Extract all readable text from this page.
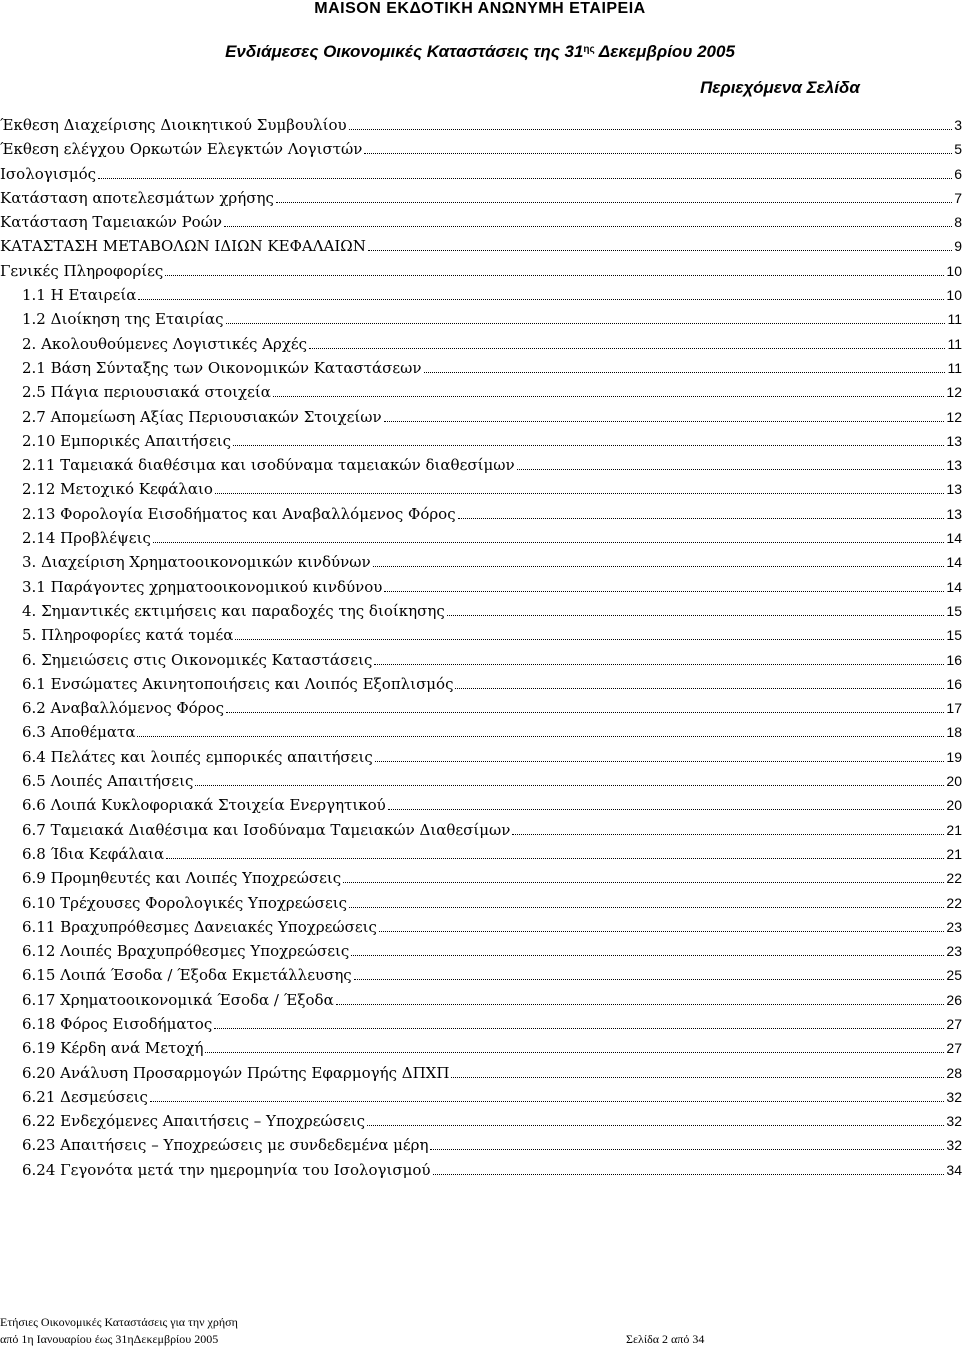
MAISON ΕΚΔΟΤΙΚΗ ΑΝΩΝΥΜΗ ΕΤΑΙΡΕΙΑ
Ενδιάμεσες Οικονομικές Καταστάσεις της $31^{\eta\varsigma}$ Δεκεμβρίου 2005
Περιεχόμενα Σελίδα
Έκθεση Διαχείρισης Διοικητικού Συμβουλίου	3
Έκθεση ελέγχου Ορκωτών Ελεγκτών Λογιστών	5
Ισολογισμός	6
Κατάσταση αποτελεσμάτων χρήσης	7
Κατάσταση Ταμειακών Ροών	8
ΚΑΤΑΣΤΑΣΗ ΜΕΤΑΒΟΛΩΝ ΙΔΙΩΝ ΚΕΦΑΛΑΙΩΝ	9
Γενικές Πληροφορίες	10
1.1 Η Εταιρεία	10
1.2 Διοίκηση της Εταιρίας	11
2. Ακολουθούμενες Λογιστικές Αρχές	11
2.1 Βάση Σύνταξης των Οικονομικών Καταστάσεων	11
2.5 Πάγια περιουσιακά στοιχεία	12
2.7 Απομείωση Αξίας Περιουσιακών Στοιχείων	12
2.10 Εμπορικές Απαιτήσεις	13
2.11 Ταμειακά διαθέσιμα και ισοδύναμα ταμειακών διαθεσίμων	13
2.12 Μετοχικό Κεφάλαιο	13
2.13 Φορολογία Εισοδήματος και Αναβαλλόμενος Φόρος	13
2.14 Προβλέψεις	14
3. Διαχείριση Χρηματοοικονομικών κινδύνων	14
3.1 Παράγοντες χρηματοοικονομικού κινδύνου	14
4. Σημαντικές εκτιμήσεις και παραδοχές της διοίκησης	15
5. Πληροφορίες κατά τομέα	15
6. Σημειώσεις στις Οικονομικές Καταστάσεις	16
6.1 Ενσώματες Ακινητοποιήσεις και Λοιπός Εξοπλισμός	16
6.2 Αναβαλλόμενος Φόρος	17
6.3 Αποθέματα	18
6.4 Πελάτες και λοιπές εμπορικές απαιτήσεις	19
6.5 Λοιπές Απαιτήσεις	20
6.6 Λοιπά Κυκλοφοριακά Στοιχεία Ενεργητικού	20
6.7 Ταμειακά Διαθέσιμα και Ισοδύναμα Ταμειακών Διαθεσίμων	21
6.8 Ίδια Κεφάλαια	21
6.9 Προμηθευτές και Λοιπές Υποχρεώσεις	22
6.10 Τρέχουσες Φορολογικές Υποχρεώσεις	22
6.11 Βραχυπρόθεσμες Δανειακές Υποχρεώσεις	23
6.12 Λοιπές Βραχυπρόθεσμες Υποχρεώσεις	23
6.15 Λοιπά Έσοδα / Έξοδα Εκμετάλλευσης	25
6.17 Χρηματοοικονομικά Έσοδα / Έξοδα	26
6.18 Φόρος Εισοδήματος	27
6.19 Κέρδη ανά Μετοχή	27
6.20 Ανάλυση Προσαρμογών Πρώτης Εφαρμογής ΔΠΧΠ	28
6.21 Δεσμεύσεις	32
6.22 Ενδεχόμενες Απαιτήσεις – Υποχρεώσεις	32
6.23 Απαιτήσεις – Υποχρεώσεις με συνδεδεμένα μέρη	32
6.24 Γεγονότα μετά την ημερομηνία του Ισολογισμού	34
Ετήσιες Οικονομικές Καταστάσεις για την χρήση
από 1η Ιανουαρίου έως 31ηΔεκεμβρίου 2005	Σελίδα 2 από 34
